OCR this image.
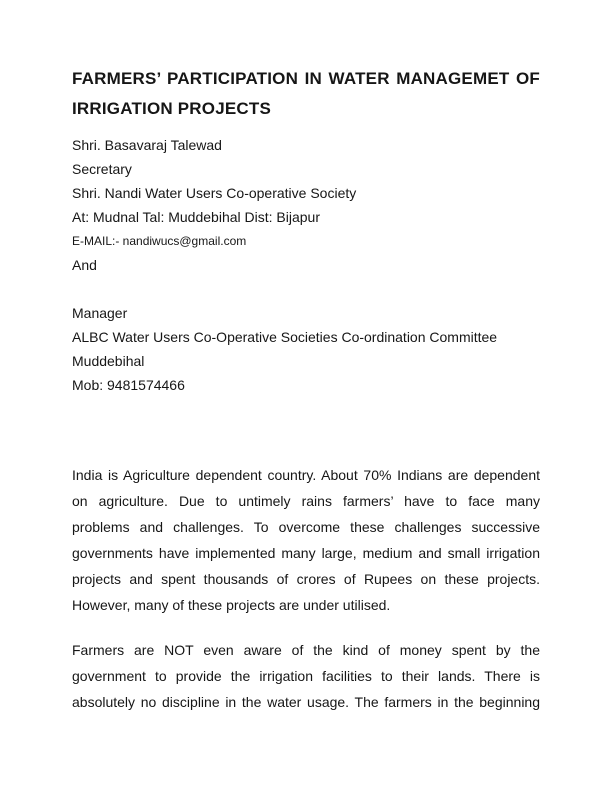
FARMERS’ PARTICIPATION IN WATER MANAGEMET OF
IRRIGATION PROJECTS

Shri. Basavaraj Talewad

Secretary

Shri. Nandi Water Users Co-operative Society

At: Mudnal Tal: Muddebihal Dist: Bijapur

E-MAIL:- nandiwucs@gmail.com

And

Manager

ALBC Water Users Co-Operative Societies Co-ordination Committee

Muddebihal

Mob: 9481574466

India is Agriculture dependent country. About 70% Indians are dependent
on agriculture. Due to untimely rains farmers’ have to face many
problems and challenges. To overcome these challenges successive
governments have implemented many large, medium and small irrigation
projects and spent thousands of crores of Rupees on these projects.
However, many of these projects are under utilised.
Farmers are NOT even aware of the kind of money spent by the
government to provide the irrigation facilities to their lands. There is
absolutely no discipline in the water usage. The farmers in the beginning
